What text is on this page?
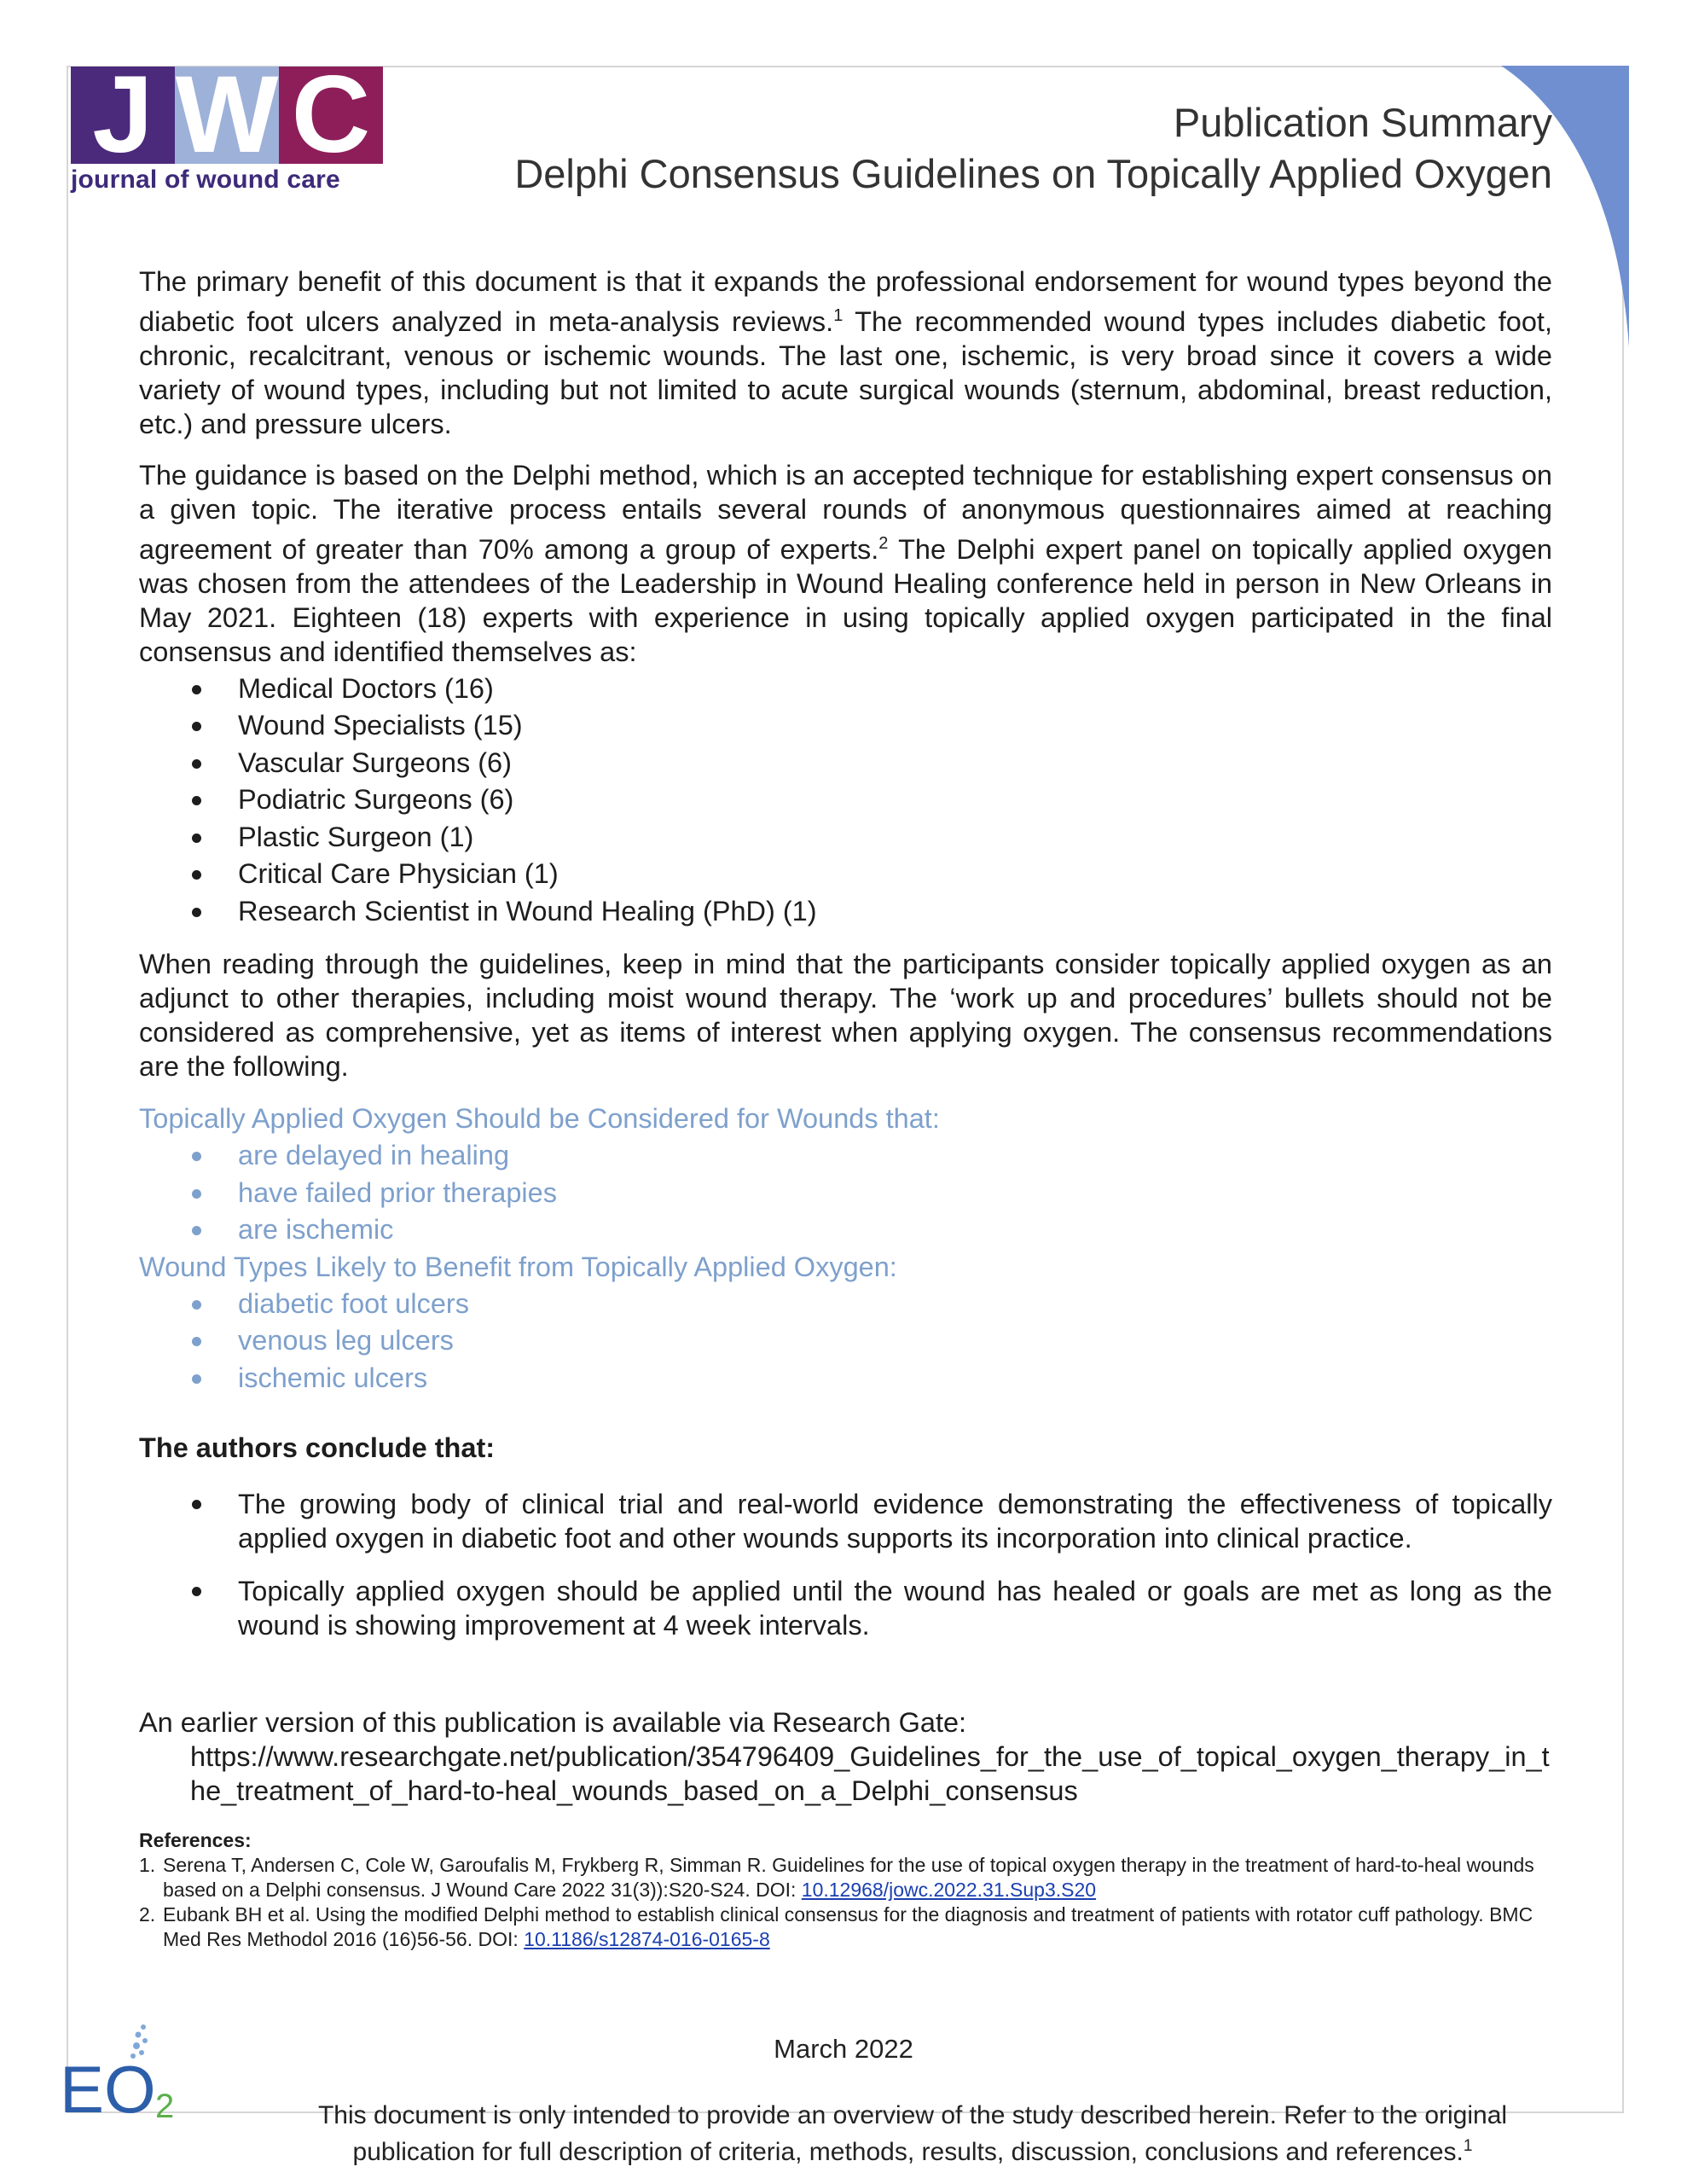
J W C
journal of wound care
Publication Summary
Delphi Consensus Guidelines on Topically Applied Oxygen

The primary benefit of this document is that it expands the professional endorsement for wound types beyond the diabetic foot ulcers analyzed in meta-analysis reviews.$^1$ The recommended wound types includes diabetic foot, chronic, recalcitrant, venous or ischemic wounds. The last one, ischemic, is very broad since it covers a wide variety of wound types, including but not limited to acute surgical wounds (sternum, abdominal, breast reduction, etc.) and pressure ulcers.

The guidance is based on the Delphi method, which is an accepted technique for establishing expert consensus on a given topic. The iterative process entails several rounds of anonymous questionnaires aimed at reaching agreement of greater than 70% among a group of experts.$^2$ The Delphi expert panel on topically applied oxygen was chosen from the attendees of the Leadership in Wound Healing conference held in person in New Orleans in May 2021. Eighteen (18) experts with experience in using topically applied oxygen participated in the final consensus and identified themselves as:

Medical Doctors (16)
Wound Specialists (15)
Vascular Surgeons (6)
Podiatric Surgeons (6)
Plastic Surgeon (1)
Critical Care Physician (1)
Research Scientist in Wound Healing (PhD) (1)

When reading through the guidelines, keep in mind that the participants consider topically applied oxygen as an adjunct to other therapies, including moist wound therapy. The ‘work up and procedures’ bullets should not be considered as comprehensive, yet as items of interest when applying oxygen. The consensus recommendations are the following.

Topically Applied Oxygen Should be Considered for Wounds that:
are delayed in healing
have failed prior therapies
are ischemic
Wound Types Likely to Benefit from Topically Applied Oxygen:
diabetic foot ulcers
venous leg ulcers
ischemic ulcers
The authors conclude that:
The growing body of clinical trial and real-world evidence demonstrating the effectiveness of topically applied oxygen in diabetic foot and other wounds supports its incorporation into clinical practice.
Topically applied oxygen should be applied until the wound has healed or goals are met as long as the wound is showing improvement at 4 week intervals.
An earlier version of this publication is available via Research Gate:
https://www.researchgate.net/publication/354796409_Guidelines_for_the_use_of_topical_oxygen_therapy_in_the_treatment_of_hard-to-heal_wounds_based_on_a_Delphi_consensus
References:
1. Serena T, Andersen C, Cole W, Garoufalis M, Frykberg R, Simman R. Guidelines for the use of topical oxygen therapy in the treatment of hard-to-heal wounds based on a Delphi consensus. J Wound Care 2022 31(3)):S20-S24. DOI: 10.12968/jowc.2022.31.Sup3.S20
2. Eubank BH et al. Using the modified Delphi method to establish clinical consensus for the diagnosis and treatment of patients with rotator cuff pathology. BMC Med Res Methodol 2016 (16)56-56. DOI: 10.1186/s12874-016-0165-8
EO 2
March 2022
This document is only intended to provide an overview of the study described herein. Refer to the original publication for full description of criteria, methods, results, discussion, conclusions and references.$^1$
